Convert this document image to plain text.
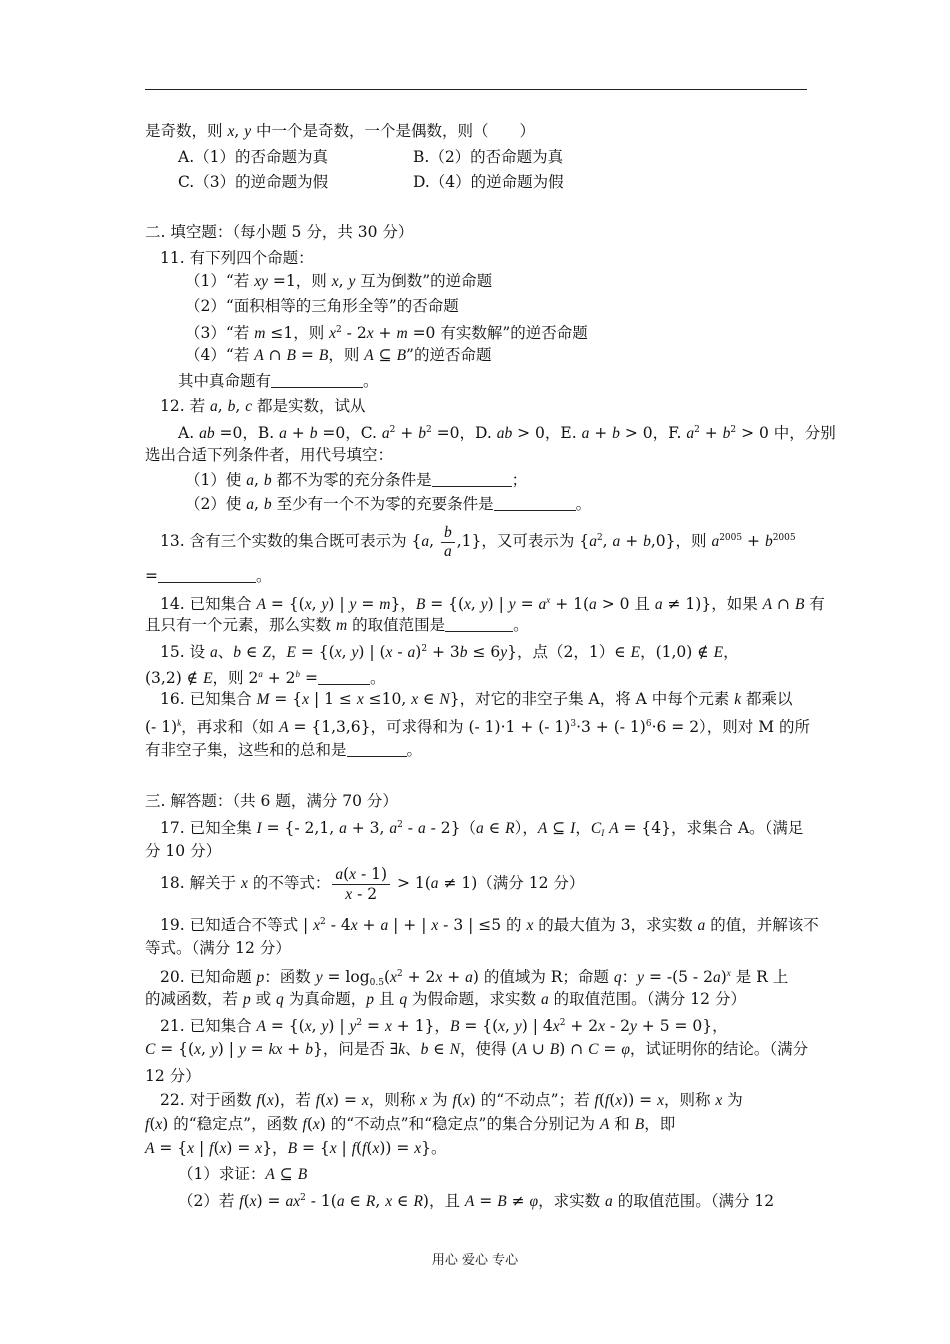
是奇数，则 x, y 中一个是奇数，一个是偶数，则（　　）
A.（1）的否命题为真	B.（2）的否命题为真
C.（3）的逆命题为假	D.（4）的逆命题为假
二. 填空题：（每小题 5 分，共 30 分）
11. 有下列四个命题：
（1）“若 xy =1，则 x, y 互为倒数”的逆命题
（2）“面积相等的三角形全等”的否命题
（3）“若 m ≤1，则 $x^2 - 2x + m =0$ 有实数解”的逆否命题
（4）“若 A ∩ B = B，则 A ⊆ B”的逆否命题
其中真命题有	。
12. 若 a, b, c 都是实数，试从
A. ab =0，B. a + b =0，C. $a^2 + b^2 =0$，D. ab > 0，E. a + b > 0，F. $a^2 + b^2 > 0$ 中，分别
选出合适下列条件者，用代号填空：
（1）使 a, b 都不为零的充分条件是	；
（2）使 a, b 至少有一个不为零的充要条件是	。
13. 含有三个实数的集合既可表示为 {a, $\frac{b}{a} ,1$}，又可表示为 {$a^2$, a + b,0}，则 $a^{2005} + b^{2005}$
=	。
14. 已知集合 A = {(x, y) | y = m}，B = {(x, y) | $y = a^x + 1(a > 0$ 且 a ≠ 1)}，如果 A ∩ B 有
且只有一个元素，那么实数 m 的取值范围是	。
15. 设 a、b ∈ Z，E = {(x, y) | (x - a)$^2$ + 3b ≤ 6y}，点（2，1）∈ E，(1,0) ∉ E，
(3,2) ∉ E，则 $2^a + 2^b$ =	。
16. 已知集合 M = {x | 1 ≤ x ≤10, x ∈ N}，对它的非空子集 A，将 A 中每个元素 k 都乘以
(- 1)$^k$，再求和（如 A = {1,3,6}，可求得和为 (- 1)·1 + (- 1)$^3$·3 + (- 1)$^6$·6 = 2），则对 M 的所
有非空子集，这些和的总和是	。
三. 解答题：（共 6 题，满分 70 分）
17. 已知全集 I = {- 2,1, a + 3, $a^2$ - a - 2}（a ∈ R），A ⊆ I，$C_I$ A = {4}，求集合 A。（满足
分 10 分）
18. 解关于 x 的不等式： $\frac{a(x - 1)}{x - 2} > 1(a \ne 1)$（满分 12 分）
19. 已知适合不等式 | $x^2 - 4x + a$ | + | x - 3 | ≤5 的 x 的最大值为 3，求实数 a 的值，并解该不
等式。（满分 12 分）
20. 已知命题 p：函数 $y = \log_{0.5}(x^2 + 2x + a)$ 的值域为 R；命题 q：y = -(5 - 2a)$^x$ 是 R 上
的减函数，若 p 或 q 为真命题，p 且 q 为假命题，求实数 a 的取值范围。（满分 12 分）
21. 已知集合 A = {(x, y) | $y^2 = x + 1$}，B = {(x, y) | $4x^2 + 2x - 2y + 5 = 0$}，
C = {(x, y) | y = kx + b}，问是否 ∃k、b ∈ N，使得 (A ∪ B) ∩ C = φ，试证明你的结论。（满分
12 分）
22. 对于函数 f(x)，若 f(x) = x，则称 x 为 f(x) 的“不动点”；若 f(f(x)) = x，则称 x 为
f(x) 的“稳定点”，函数 f(x) 的“不动点”和“稳定点”的集合分别记为 A 和 B，即
A = {x | f(x) = x}，B = {x | f(f(x)) = x}。
（1）求证：A ⊆ B
（2）若 $f(x) = ax^2 - 1(a$ ∈ R, x ∈ R)，且 A = B ≠ φ，求实数 a 的取值范围。（满分 12
用心 爱心 专心
